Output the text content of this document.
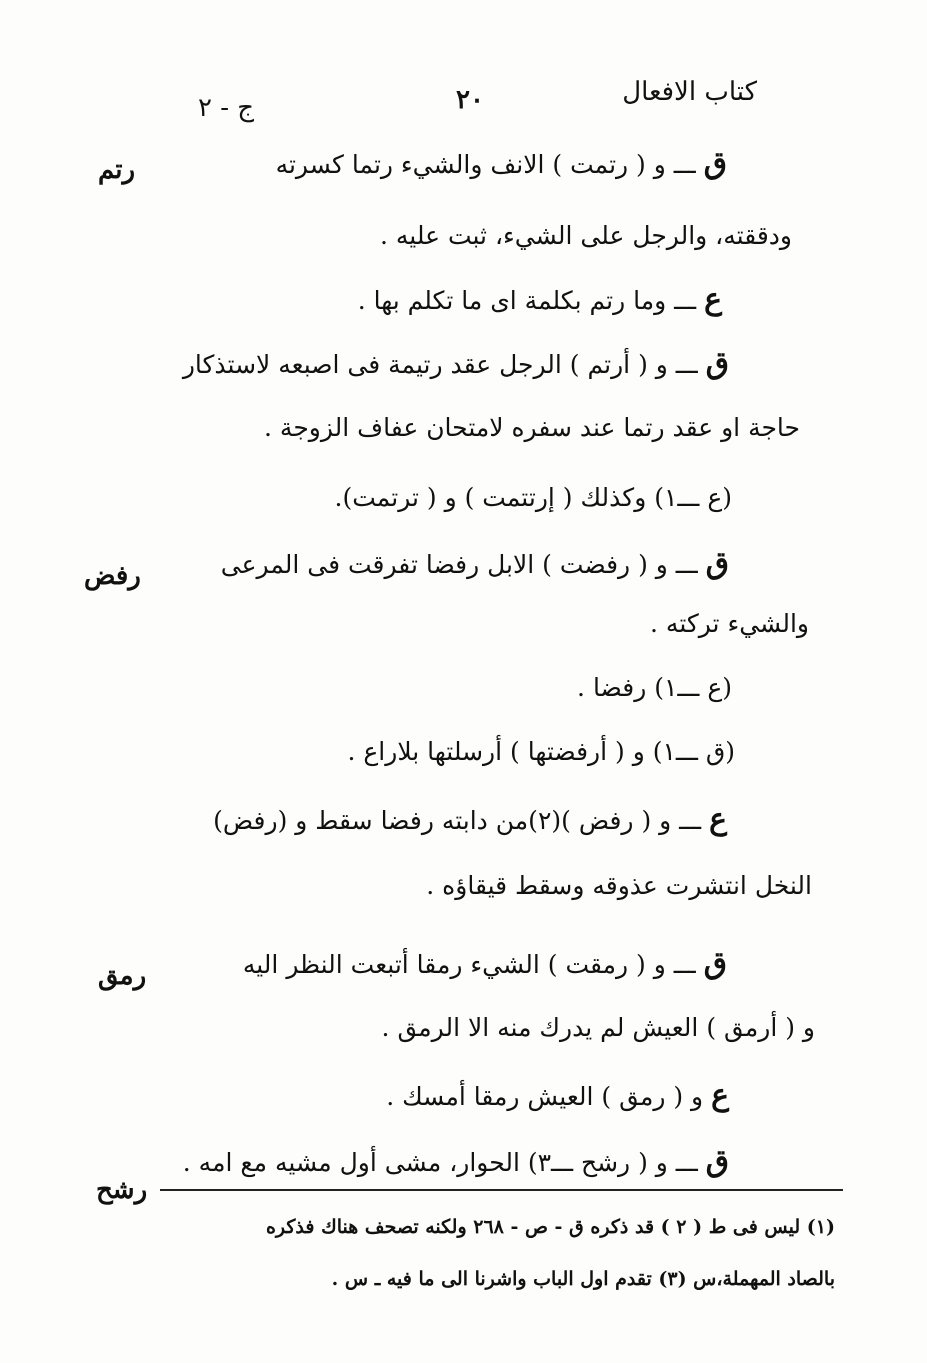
كتاب الافعال
٢٠
ج - ٢
ق ـــ و ( رتمت ) الانف والشيء رتما كسرته
رتم
ودققته، والرجل على الشيء، ثبت عليه .
ع ـــ وما رتم بكلمة اى ما تكلم بها .
ق ـــ و ( أرتم ) الرجل عقد رتيمة فى اصبعه لاستذكار
حاجة او عقد رتما عند سفره لامتحان عفاف الزوجة .
(ع ـــ١) وكذلك ( إرتتمت ) و ( ترتمت).
ق ـــ و ( رفضت ) الابل رفضا تفرقت فى المرعى
رفض
والشيء تركته .
(ع ـــ١) رفضا .
(ق ـــ١) و ( أرفضتها ) أرسلتها بلاراع .
ع ـــ و ( رفض )(٢)من دابته رفضا سقط و (رفض)
النخل انتشرت عذوقه وسقط قيقاؤه .
ق ـــ و ( رمقت ) الشيء رمقا أتبعت النظر اليه
رمق
و ( أرمق ) العيش لم يدرك منه الا الرمق .
ع و ( رمق ) العيش رمقا أمسك .
ق ـــ و ( رشح ـــ٣) الحوار، مشى أول مشيه مع امه .
رشح
(١) ليس فى ط ( ٢ ) قد ذكره ق - ص - ٢٦٨ ولكنه تصحف هناك فذكره
بالصاد المهملة،س (٣) تقدم اول الباب واشرنا الى ما فيه ـ س .
